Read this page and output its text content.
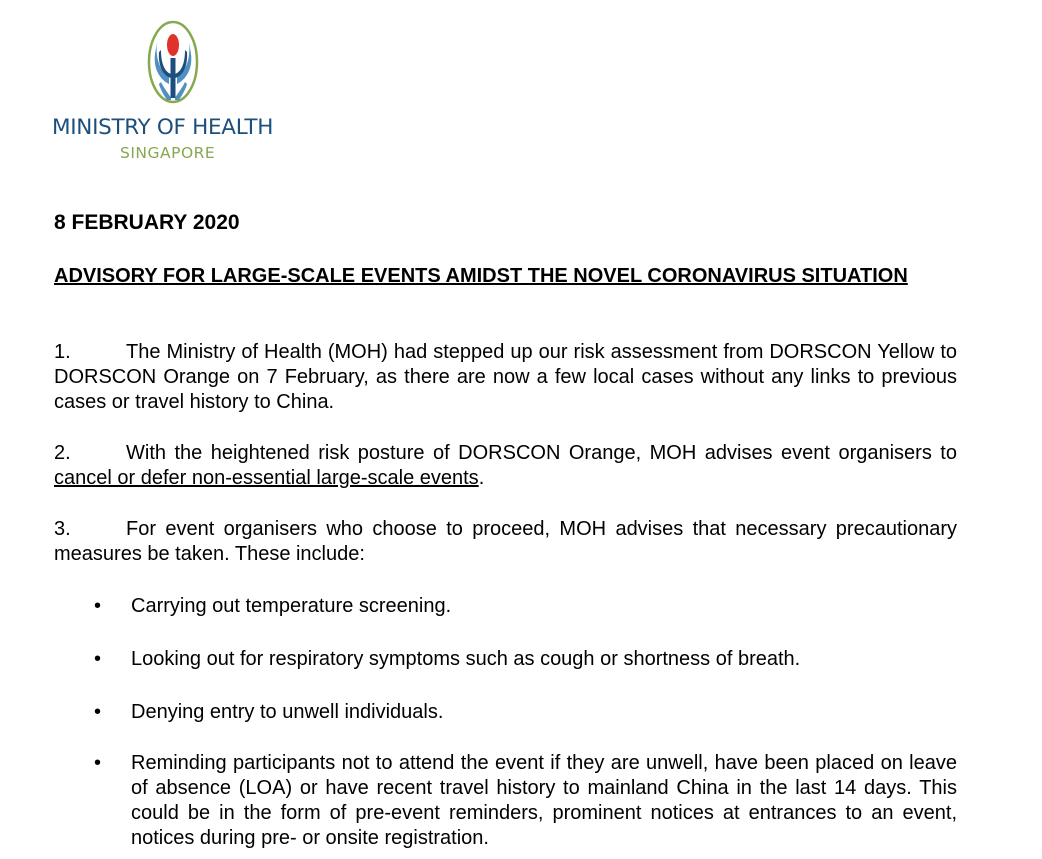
MINISTRY OF HEALTH
SINGAPORE
8 FEBRUARY 2020
ADVISORY FOR LARGE-SCALE EVENTS AMIDST THE NOVEL CORONAVIRUS SITUATION
1.	The Ministry of Health (MOH) had stepped up our risk assessment from DORSCON Yellow to DORSCON Orange on 7 February, as there are now a few local cases without any links to previous cases or travel history to China.
2.	With the heightened risk posture of DORSCON Orange, MOH advises event organisers to cancel or defer non-essential large-scale events.
3.	For event organisers who choose to proceed, MOH advises that necessary precautionary measures be taken. These include:
• Carrying out temperature screening.
• Looking out for respiratory symptoms such as cough or shortness of breath.
• Denying entry to unwell individuals.
• Reminding participants not to attend the event if they are unwell, have been placed on leave of absence (LOA) or have recent travel history to mainland China in the last 14 days. This could be in the form of pre-event reminders, prominent notices at entrances to an event, notices during pre- or onsite registration.
